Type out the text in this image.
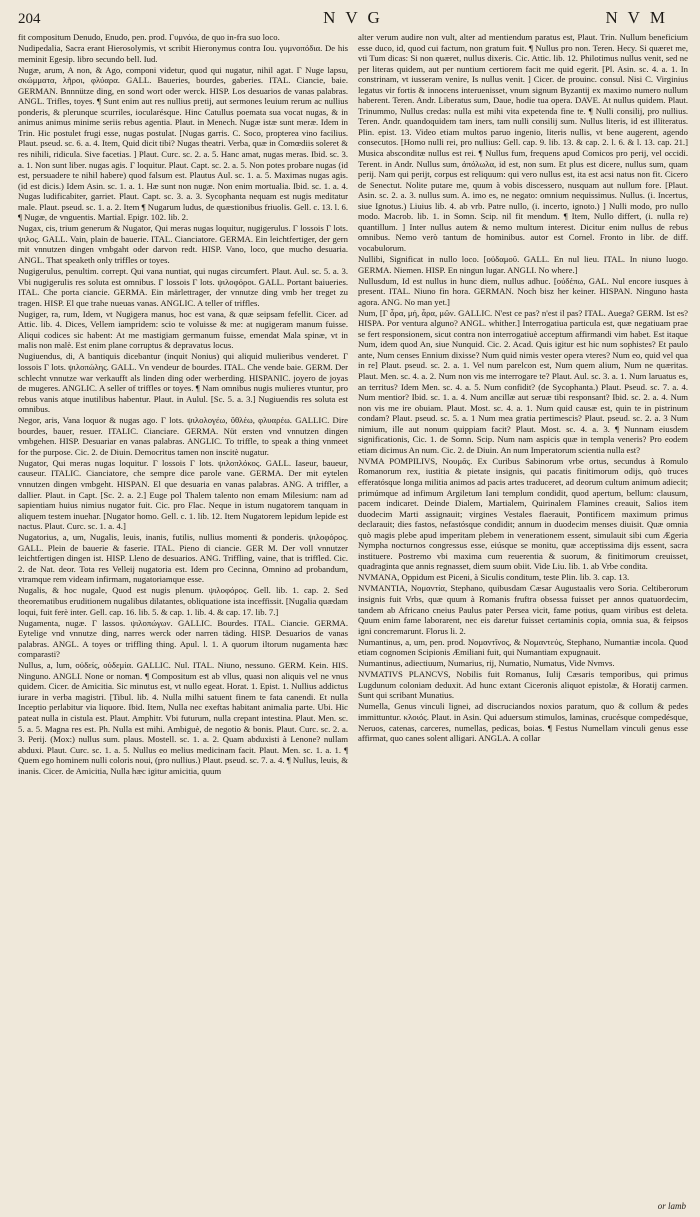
204	N V G	N V M

fit compositum Denudo, Enudo, pen. prod. Γυμνόω, de quo in-fra suo loco.

Nudipedalia, Sacra erant Hierosolymis, vt scribit Hieronymus contra Iou. γυμνοπόδια. De his meminit Egesip. libro secundo bell. Iud.

Nugæ, arum, A non, & Ago, componi videtur, quod qui nugatur, nihil agat. Γ Nuge lapsu, σκώμματα, λῆροι, φλύαρα. GALL. Baueries, bourdes, gaberies. ITAL. Ciancie, baie. GERMAN. Bnnnütze ding, en sond wort oder werck. HISP. Los desuarios de vanas palabras. ANGL. Trifles, toyes. ¶ Sunt enim aut res nullius pretij, aut sermones leuium rerum ac nullius ponderis, & plerunque scurriles, iocularésque. Hinc Catullus poemata sua vocat nugas, & in animus animus minime seriis rebus agentia. Plaut. in Menech. Nugæ istæ sunt meræ. Idem in Trin. Hic postulet frugi esse, nugas postulat. [Nugas garris. C. Soco, propterea vino facilius. Plaut. pseud. sc. 6. a. 4. Item, Quid dicit tibi? Nugas theatri. Verba, quæ in Comœdiis soleret & res nihili, ridicula. Sive facetias. ] Plaut. Curc. sc. 2. a. 5. Hanc amat, nugas meras. Ibid. sc. 3. a. 1. Non sunt liber. nugas agis. Γ loquitur. Plaut. Capt. sc. 2. a. 5. Non potes probare nugas (id est, persuadere te nihil habere) quod falsum est. Plautus Aul. sc. 1. a. 5. Maximas nugas agis. (id est dicis.) Idem Asin. sc. 1. a. 1. Hæ sunt non nugæ. Non enim mortualia. Ibid. sc. 1. a. 4. Nugas ludificabiter, garriet. Plaut. Capt. sc. 3. a. 3. Sycophanta nequam est nugis meditatur male. Plaut. pseud. sc. 1. a. 2. Item ¶ Nugarum ludus, de quæstionibus friuolis. Gell. c. 13. l. 6. ¶ Nugæ, de vnguentis. Martial. Epigr. 102. lib. 2.

Nugax, cis, trium generum & Nugator, Qui meras nugas loquitur, nugigerulus. Γ lossois Γ lots. ψιλος. GALL. Vain, plain de bauerie. ITAL. Cianciatore. GERMA. Ein leichtfertiger, der gern mit vnnutzen dingen vmbgaht oder darvon redt. HISP. Vano, loco, que mucho desuaria. ANGL. That speaketh only triffles or toyes.

Nugigerulus, penultim. corrept. Qui vana nuntiat, qui nugas circumfert. Plaut. Aul. sc. 5. a. 3. Vbi nugigerulis res soluta est omnibus. Γ lossois Γ lots. ψιλοφόροι. GALL. Portant baiueries. ITAL. Che porta ciancie. GERMA. Ein märlettrager, der vnnutze ding vmb her treget zu tragen. HISP. El que trahe nueuas vanas. ANGLIC. A teller of triffles.

Nugiger, ra, rum, Idem, vt Nugigera manus, hoc est vana, & quæ seipsam fefellit. Cicer. ad Attic. lib. 4. Dices, Vellem iampridem: scio te voluisse & me: at nugigeram manum fuisse. Aliqui codices sic habent: At me mastigiam germanum fuisse, emendat Mala spinæ, vt in malis non malè. Est enim plane corruptus & depravatus locus.

Nugiuendus, di, A bantiquis dicebantur (inquit Nonius) qui aliquid mulieribus venderet. Γ lossois Γ lots. ψιλοπώλης. GALL. Vn vendeur de bourdes. ITAL. Che vende baie. GERM. Der schlecht vnnutze war verkaufft als linden ding oder werberding. HISPANIC. joyero de joyas de mugeres. ANGLIC. A seller of triffles or toyes. ¶ Nam omnibus nugis mulieres vtuntur, pro rebus vanis atque inutilibus habentur. Plaut. in Aulul. [Sc. 5. a. 3.] Nugiuendis res soluta est omnibus.

Negor, aris, Vana loquor & nugas ago. Γ lots. ψιλολογέω, ὕθλέω, φλυαρέω. GALLIC. Dire bourdes, bauer, resuer. ITALIC. Cianciare. GERMA. Nüt ersten vnd vnnutzen dingen vmbgehen. HISP. Desuariar en vanas palabras. ANGLIC. To triffle, to speak a thing vnmeet for the purpose. Cic. 2. de Diuin. Democritus tamen non inscitè nugatur.

Nugator, Qui meras nugas loquitur. Γ lossois Γ lots. ψιλοπλόκος. GALL. Iaseur, baueur, causeur. ITALIC. Cianciatore, che sempre dice parole vane. GERMA. Der mit eytelen vnnutzen dingen vmbgeht. HISPAN. El que desuaria en vanas palabras. ANG. A triffler, a dallier. Plaut. in Capt. [Sc. 2. a. 2.] Euge pol Thalem talento non emam Milesium: nam ad sapientiam huius nimius nugator fuit. Cic. pro Flac. Neque in istum nugatorem tanquam in aliquem testem inuehar. [Nugator homo. Gell. c. 1. lib. 12. Item Nugatorem lepidum lepide est nactus. Plaut. Curc. sc. 1. a. 4.]

Nugatorius, a, um, Nugalis, leuis, inanis, futilis, nullius momenti & ponderis. ψιλοφόρος. GALL. Plein de bauerie & faserie. ITAL. Pieno di ciancie. GER M. Der voll vnnutzer leichtfertigen dingen ist. HISP. Lleno de desuarios. ANG. Triffling, vaine, that is triffled. Cic. 2. de Nat. deor. Tota res Velleij nugatoria est. Idem pro Cecinna, Omnino ad probandum, vtramque rem videam infirmam, nugatoriamque esse.

Nugalis, & hoc nugale, Quod est nugis plenum. ψιλοφόρος. Gell. lib. 1. cap. 2. Sed theorematibus eruditionem nugalibus dilatantes, obliquatione ista inceffissit. [Nugalia quædam loqui, fuit ferè inter. Gell. cap. 16. lib. 5. & cap. 1. lib. 4. & cap. 17. lib. 7.]

Nugamenta, nugæ. Γ lassos. ψιλοπώγων. GALLIC. Bourdes. ITAL. Ciancie. GERMA. Eytelige vnd vnnutze ding, narres werck oder narren täding. HISP. Desuarios de vanas palabras. ANGL. A toyes or triffling thing. Apul. l. 1. A quorum iltorum nugamenta hæc comparasti?

Nullus, a, lum, οὐδείς, οὐδεμία. GALLIC. Nul. ITAL. Niuno, nessuno. GERM. Kein. HIS. Ninguno. ANGLI. None or noman. ¶ Compositum est ab vllus, quasi non aliquis vel ne vnus quidem. Cicer. de Amicitia. Sic minutus est, vt nullo egeat. Horat. 1. Epist. 1. Nullius addictus iurare in verba magistri. [Tibul. lib. 4. Nulla milhi satuent finem te fata canendi. Et nulla Inceptio perlabitur via liquore. Ibid. Item, Nulla nec exeftas habitant animalia parte. Ubi. Hic pateat nulla in cistula est. Plaut. Amphitr. Vbi futurum, nulla crepant intestina. Plaut. Men. sc. 5. a. 5. Magna res est. Ph. Nulla est mihi. Ambiguè, de negotio & bonis. Plaut. Curc. sc. 2. a. 3. Perij. (Mox:) nullus sum. plaus. Mostell. sc. 1. a. 2. Quam abduxisti à Lenone? nullam abduxi. Plaut. Curc. sc. 1. a. 5. Nullus eo melius medicinam facit. Plaut. Men. sc. 1. a. 1. ¶ Quem ego hominem nulli coloris noui, (pro nullius.) Plaut. pseud. sc. 7. a. 4. ¶ Nullus, leuis, & inanis. Cicer. de Amicitia, Nulla hæc igitur amicitia, quum

alter verum audire non vult, alter ad mentiendum paratus est, Plaut. Trin. Nullum beneficium esse duco, id, quod cui factum, non gratum fuit. ¶ Nullus pro non. Teren. Hecy. Si quæret me, vti Tum dicas: Si non quæret, nullus dixeris. Cic. Attic. lib. 12. Philotimus nullus venit, sed ne per literas quidem, aut per nuntium certiorem facit me quid egerit. [Pl. Asin. sc. 4. a. 1. In constrinam, vt iusseram venire, Is nullus venit. ] Cicer. de prouinc. consul. Nisi C. Virginius legatus vir fortis & innocens interuenisset, vnum signum Byzantij ex maximo numero nullum haberent. Teren. Andr. Liberatus sum, Daue, hodie tua opera. DAVE. At nullus quidem. Plaut. Trinummo, Nullus credas: nulla est mihi vita expetenda fine te. ¶ Nulli consilij, pro nullius. Teren. Andr. quandoquidem tam iners, tam nulli consilij sum. Nullus literis, id est illiteratus. Plin. epist. 13. Video etiam multos paruo ingenio, literis nullis, vt bene augerent, agendo consecutos. [Homo nulli rei, pro nullius: Gell. cap. 9. lib. 13. & cap. 2. l. 6. & l. 13. cap. 21.] Musica absconditæ nullus est rei. ¶ Nullus fum, frequens apud Comicos pro perij, vel occidi. Terent. in Andr. Nullus sum, ἀπόλωλα, id est, non sum. Et plus est dicere, nullus sum, quam perij. Nam qui perijt, corpus est reliquum: qui vero nullus est, ita est acsi natus non fit. Cicero de Senectut. Nolite putare me, quum à vobis discessero, nusquam aut nullum fore. [Plaut. Asin. sc. 2. a. 3. nullus sum. A. imo es, ne negato: omnium nequissimus. Nullus. (i. Incertus, siue Ignotus.) Liuius lib. 4. ab vrb. Patre nullo, (i. incerto, ignoto.) ] Nulli modo, pro nullo modo. Macrob. lib. 1. in Somn. Scip. nil fit mendum. ¶ Item, Nullo differt, (i. nulla re) quantillum. ] Inter nullus autem & nemo multum interest. Dicitur enim nullus de rebus omnibus. Nemo verò tantum de hominibus. autor est Cornel. Fronto in libr. de diff. vocabulorum.

Nullibi, Significat in nullo loco. [οὐδαμοῦ. GALL. En nul lieu. ITAL. In niuno luogo. GERMA. Niemen. HISP. En ningun lugar. ANGLI. No where.]

Nullusdum, Id est nullus in hunc diem, nullus adhuc. [οὐδέπω, GAL. Nul encore iusques à present. ITAL. Niuno fin hora. GERMAN. Noch bisz her keiner. HISPAN. Ninguno hasta agora. ANG. No man yet.]

Num, [Γ ἆρα, μή, ἆρα, μῶν. GALLIC. N'est ce pas? n'est il pas? ITAL. Auega? GERM. Ist es? HISPA. Por ventura alguno? ANGL. whither.] Interrogatiua particula est, quæ negatiuam prae se fert responsionem, sicut contra non interrogatiuè acceptum affirmandi vim habet. Est itaque Num, idem quod An, siue Nunquid. Cic. 2. Acad. Quis igitur est hic num sophistes? Et paulo ante, Num censes Ennium dixisse? Num quid nimis vester opera vteres? Num eo, quid vel qua in re] Plaut. pseud. sc. 2. a. 1. Vel num parelcon est, Num quem alium, Num ne quæritas. Plaut. Men. sc. 4. a. 2. Num non vis me interrogare te? Plaut. Aul. sc. 3. a. 1. Num laruatus es, an territus? Idem Men. sc. 4. a. 5. Num confidit? (de Sycophanta.) Plaut. Pseud. sc. 7. a. 4. Num mentior? Ibid. sc. 1. a. 4. Num ancillæ aut seruæ tibi responsant? Ibid. sc. 2. a. 4. Num non vis me ire obuiam. Plaut. Most. sc. 4. a. 1. Num quid causæ est, quin te in pistrinum condam? Plaut. pseud. sc. 5. a. 1 Num mea gratia pertimescis? Plaut. pseud. sc. 2. a. 3 Num nimium, ille aut nonum quippiam facit? Plaut. Most. sc. 4. a. 3. ¶ Nunnam eiusdem significationis, Cic. 1. de Somn. Scip. Num nam aspicis quæ in templa veneris? Pro eodem etiam dicimus An num. Cic. 2. de Diuin. An num Imperatorum scientia nulla est?

NVMA POMPILIVS, Νουμᾶς. Ex Curibus Sabinorum vrbe ortus, secundus à Romulo Romanorum rex, iustitia & pietate insignis, qui pacatis finitimorum odijs, quò truces efferatósque longa militia animos ad pacis artes traduceret, ad deorum cultum animum adiecit; primúmque ad infimum Argiletum Iani templum condidit, quod apertum, bellum: clausum, pacem indicaret. Deinde Dialem, Martialem, Quirinalem Flamines creauit, Salios item duodecim Marti assignauit; virgines Vestales flaerauit, Pontificem maximum primus declarauit; dies fastos, nefastósque condidit; annum in duodecim menses diuisit. Quæ omnia quò magis plebe apud imperitam plebem in venerationem essent, simulauit sibi cum Ægeria Nympha nocturnos congressus esse, eiúsque se monitu, quæ acceptissima dijs essent, sacra instituere. Postremo vbi maxima cum reuerentia & suorum, & finitimorum creuisset, quadraginta que annis regnasset, diem suum obiit. Vide Liu. lib. 1. ab Vrbe condita.

NVMANA, Oppidum est Piceni, à Siculis conditum, teste Plin. lib. 3. cap. 13.

NVMANTIA, Νομαντία, Stephano, quibusdam Cæsar Augustaalis vero Soria. Celtiberorum insignis fuit Vrbs, quæ quum à Romanis fruftra obsessa fuisset per annos quatuordecim, tandem ab Africano cneius Paulus pater Persea vicit, fame potius, quam viribus est deleta. Quum enim fame laborarent, nec eis daretur fuisset certaminis copia, omnia sua, & feipsos igni concremarunt. Florus li. 2.

Numantinus, a, um, pen. prod. Νομαντῖνος, & Νομαντεύς, Stephano, Numantiæ incola. Quod etiam cognomen Scipionis Æmiliani fuit, qui Numantiam expugnauit.

Numantinus, adiectiuum, Numarius, rij, Numatio, Numatus, Vide Nvmvs.

NVMATIVS PLANCVS, Nobilis fuit Romanus, Iulij Cæsaris temporibus, qui primus Lugdunum coloniam deduxit. Ad hunc extant Ciceronis aliquot epistolæ, & Horatij carmen. Sunt qui scribant Munatius.

Numella, Genus vinculi lignei, ad discruciandos noxios paratum, quo & collum & pedes immittuntur. κλοιός. Plaut. in Asin. Qui aduersum stimulos, laminas, crucésque compedésque, Neruos, catenas, carceres, numellas, pedicas, boias. ¶ Festus Numellam vinculi genus esse affirmat, quo canes solent alligari. ANGLA. A collar

or lamb
